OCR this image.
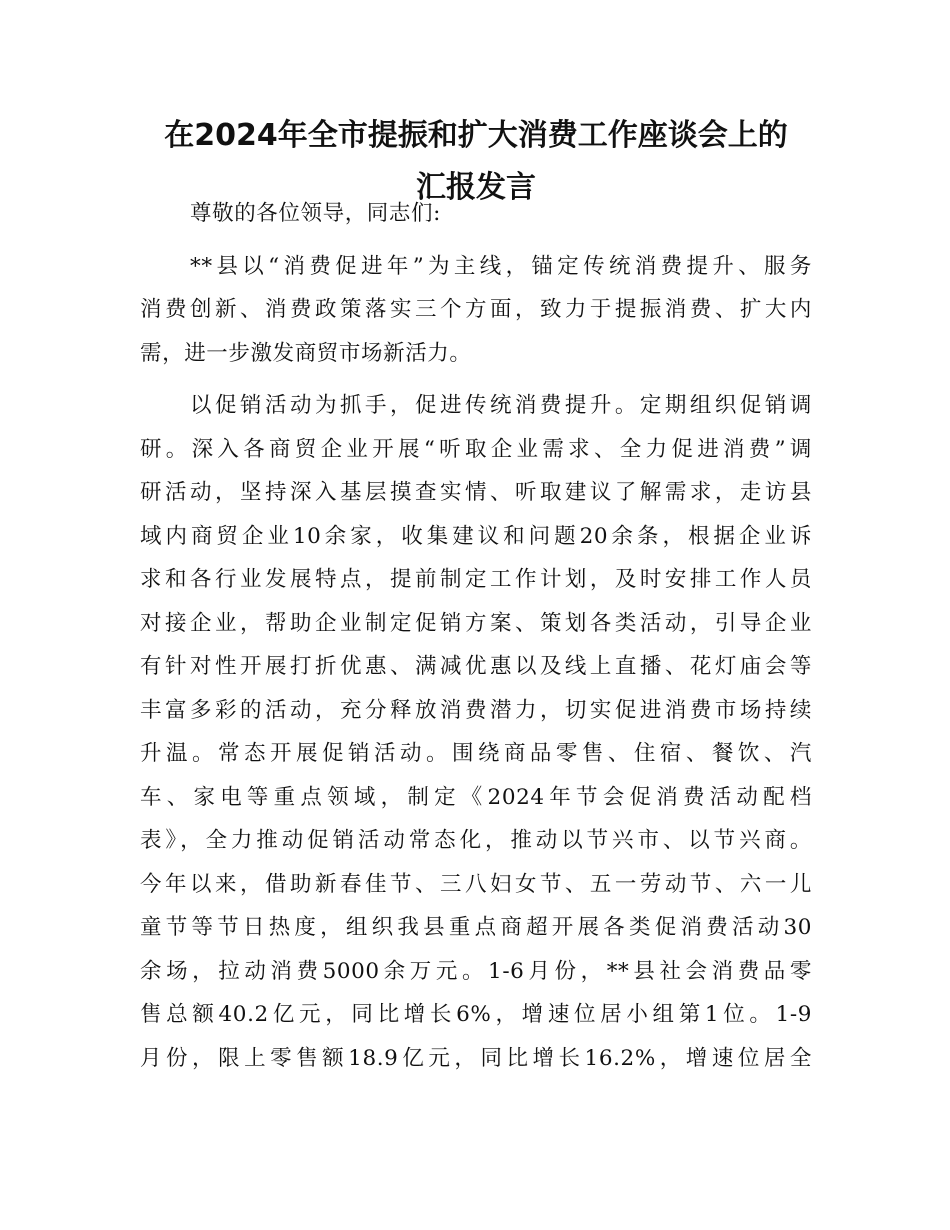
在2024年全市提振和扩大消费工作座谈会上的
汇报发言

尊敬的各位领导，同志们:

**县以“消费促进年”为主线，锚定传统消费提升、服务
消费创新、消费政策落实三个方面，致力于提振消费、扩大内
需，进一步激发商贸市场新活力。

以促销活动为抓手，促进传统消费提升。定期组织促销调
研。深入各商贸企业开展“听取企业需求、全力促进消费”调
研活动，坚持深入基层摸查实情、听取建议了解需求，走访县
域内商贸企业10余家，收集建议和问题20余条，根据企业诉
求和各行业发展特点，提前制定工作计划，及时安排工作人员
对接企业，帮助企业制定促销方案、策划各类活动，引导企业
有针对性开展打折优惠、满减优惠以及线上直播、花灯庙会等
丰富多彩的活动，充分释放消费潜力，切实促进消费市场持续
升温。常态开展促销活动。围绕商品零售、住宿、餐饮、汽
车、家电等重点领域，制定《2024年节会促消费活动配档
表》，全力推动促销活动常态化，推动以节兴市、以节兴商。
今年以来，借助新春佳节、三八妇女节、五一劳动节、六一儿
童节等节日热度，组织我县重点商超开展各类促消费活动30
余场，拉动消费5000余万元。1-6月份，**县社会消费品零
售总额40.2亿元，同比增长6%，增速位居小组第1位。1-9
月份，限上零售额18.9亿元，同比增长16.2%，增速位居全
